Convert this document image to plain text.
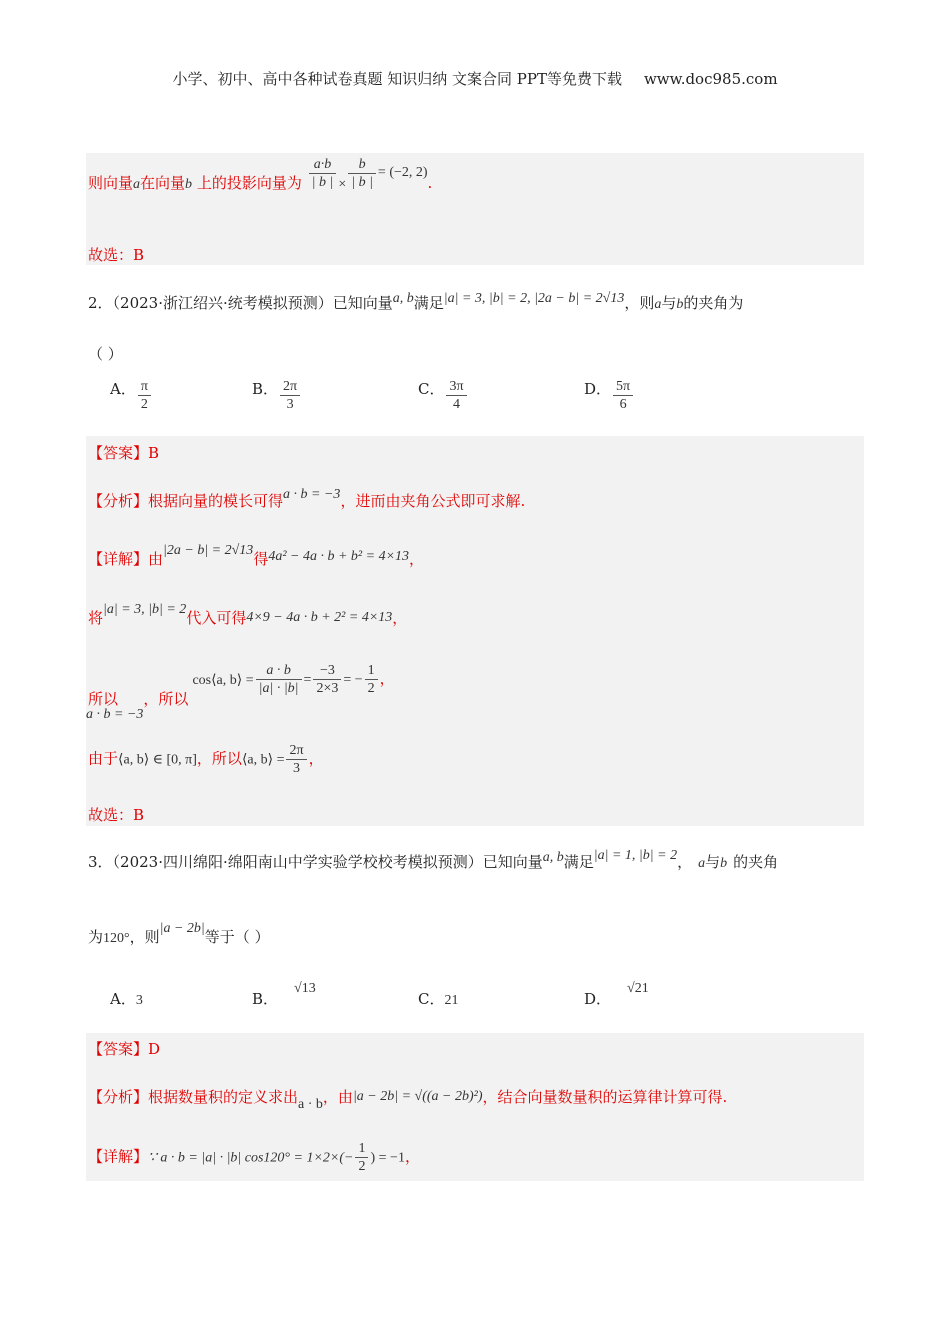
小学、初中、高中各种试卷真题 知识归纳 文案合同 PPT等免费下载 www.doc985.com
则向量a在向量b 上的投影向量为 $\frac{a\cdot b}{| b |} \times \frac{b}{| b |} = (-2$, 2).
故选：B
2．（2023·浙江绍兴·统考模拟预测）已知向量a, b满足|a| = 3, |b| = 2, |2a − b| = 2√13，则a与b的夹角为
（ ）
A． $\frac{\pi}{2}$	B． $\frac{2\pi}{3}$	C． $\frac{3\pi}{4}$	D． $\frac{5\pi}{6}$
【答案】B
【分析】根据向量的模长可得a · b = −3，进而由夹角公式即可求解.
【详解】由|2a − b| = 2√13得4a² − 4a · b + b² = 4×13，
将|a| = 3, |b| = 2代入可得4×9 − 4a · b + 2² = 4×13，
所以a · b = −3，所以cos⟨a, b⟩ = $\frac{a \cdot b}{|a| \cdot |b|} = \frac{-3}{2\times 3}$ = − $\frac{1}{2}$ ，
由于⟨a, b⟩ ∈ [0, π]，所以⟨a, b⟩ = $\frac{2\pi}{3}$ ，
故选：B
3．（2023·四川绵阳·绵阳南山中学实验学校校考模拟预测）已知向量a, b满足|a| = 1, |b| = 2， a与b 的夹角
为120°，则|a − 2b|等于（ ）
A．3	B．√13
C．21	D．√21
【答案】D
【分析】根据数量积的定义求出a · b，由|a − 2b| = √((a − 2b)²)，结合向量数量积的运算律计算可得.
【详解】∵ a · b = |a| · |b| $\cos 120^\circ = 1\times 2\times(- \frac{1}{2}$ ) = −1，
